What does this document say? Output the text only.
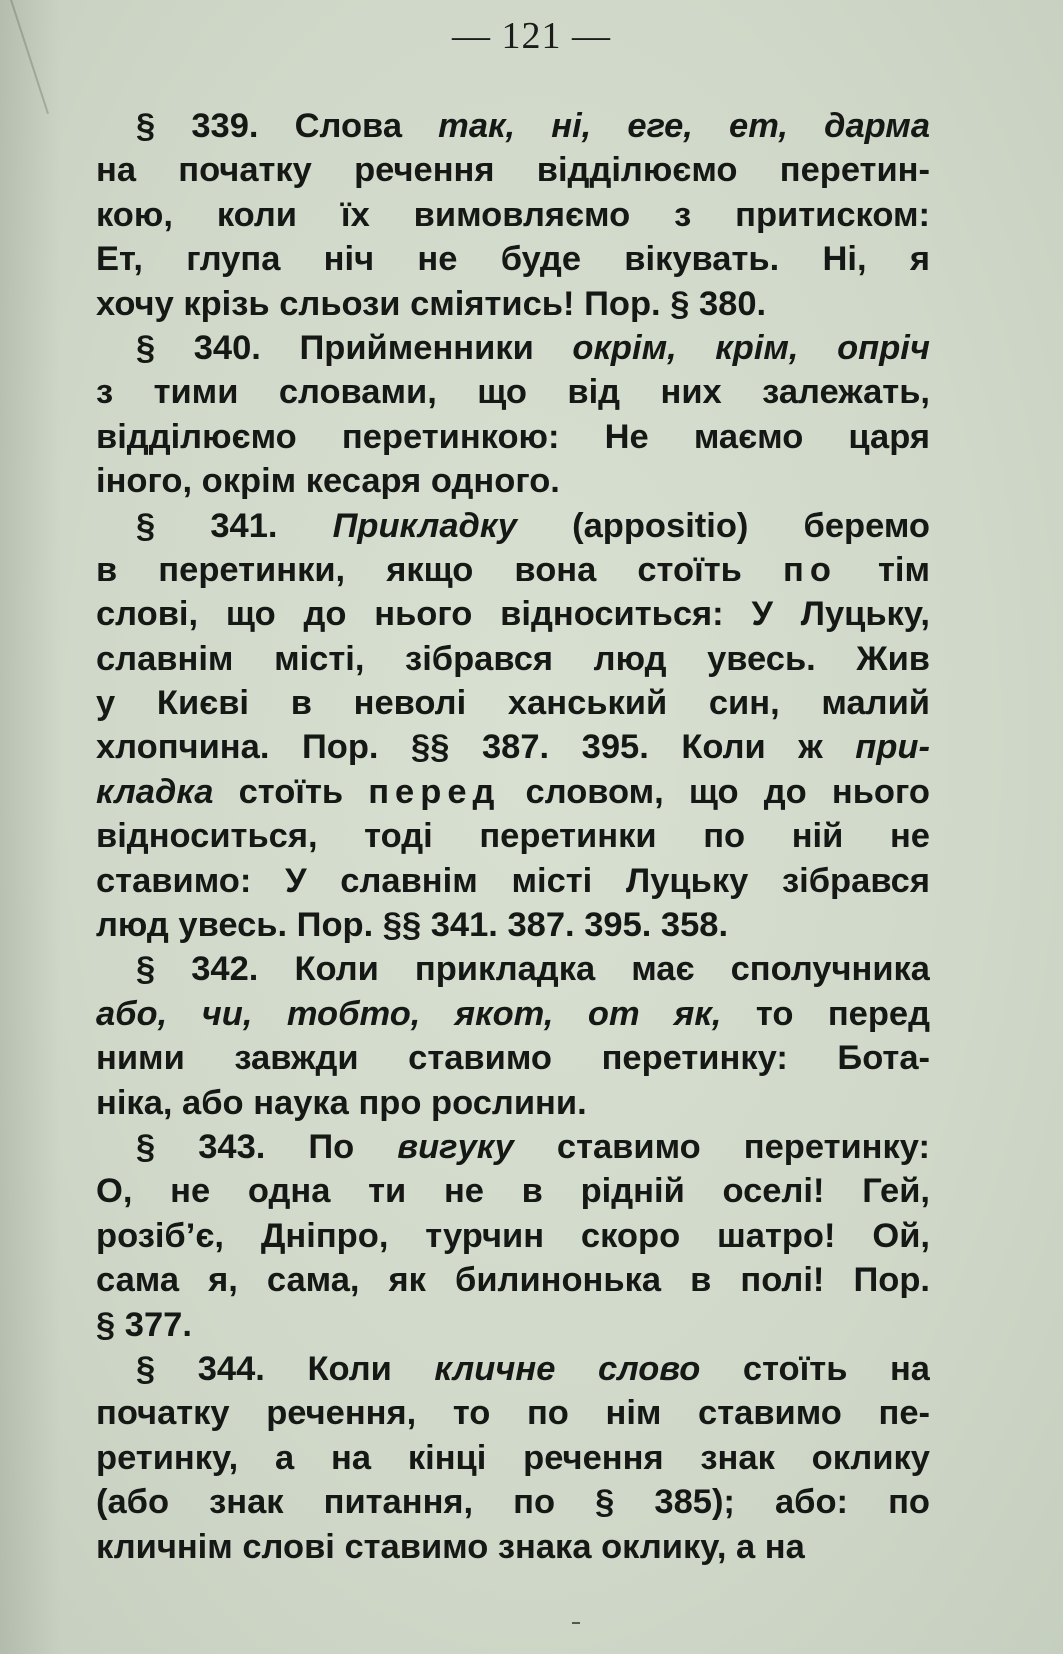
— 121 —
§ 339. Слова так, ні, еге, ет, дарма
на початку речення відділюємо перетин-
кою, коли їх вимовляємо з притиском:
Ет, глупа ніч не буде вікувать. Ні, я
хочу крізь сльози сміятись! Пор. § 380.
§ 340. Прийменники окрім, крім, опріч
з тими словами, що від них залежать,
відділюємо перетинкою: Не маємо царя
іного, окрім кесаря одного.
§ 341. Прикладку (appositio) беремо
в перетинки, якщо вона стоїть по тім
слові, що до нього відноситься: У Луцьку,
славнім місті, зібрався люд увесь. Жив
у Києві в неволі ханський син, малий
хлопчина. Пор. §§ 387. 395. Коли ж при-
кладка стоїть перед словом, що до нього
відноситься, тоді перетинки по ній не
ставимо: У славнім місті Луцьку зібрався
люд увесь. Пор. §§ 341. 387. 395. 358.
§ 342. Коли прикладка має сполучника
або, чи, тобто, якот, от як, то перед
ними завжди ставимо перетинку: Бота-
ніка, або наука про рослини.
§ 343. По вигуку ставимо перетинку:
О, не одна ти не в рідній оселі! Гей,
розіб’є, Дніпро, турчин скоро шатро! Ой,
сама я, сама, як билинонька в полі! Пор.
§ 377.
§ 344. Коли кличне слово стоїть на
початку речення, то по нім ставимо пе-
ретинку, а на кінці речення знак оклику
(або знак питання, по § 385); або: по
кличнім слові ставимо знака оклику, а на
